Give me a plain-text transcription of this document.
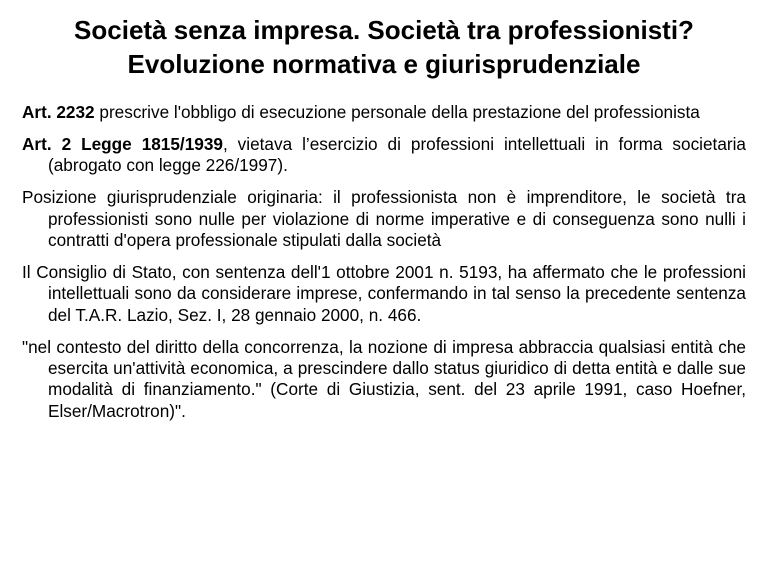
Società senza impresa. Società tra professionisti?
Evoluzione normativa e giurisprudenziale

Art. 2232 prescrive l'obbligo di esecuzione personale della prestazione del professionista

Art. 2 Legge 1815/1939, vietava l’esercizio di professioni intellettuali in forma societaria (abrogato con legge 226/1997).

Posizione giurisprudenziale originaria: il professionista non è imprenditore, le società tra professionisti sono nulle per violazione di norme imperative e di conseguenza sono nulli i contratti d'opera professionale stipulati dalla società

Il Consiglio di Stato, con sentenza dell'1 ottobre 2001 n. 5193, ha affermato che le professioni intellettuali sono da considerare imprese, confermando in tal senso la precedente sentenza del T.A.R. Lazio, Sez. I, 28 gennaio 2000, n. 466.

"nel contesto del diritto della concorrenza, la nozione di impresa abbraccia qualsiasi entità che esercita un'attività economica, a prescindere dallo status giuridico di detta entità e dalle sue modalità di finanziamento." (Corte di Giustizia, sent. del 23 aprile 1991, caso Hoefner, Elser/Macrotron)".
